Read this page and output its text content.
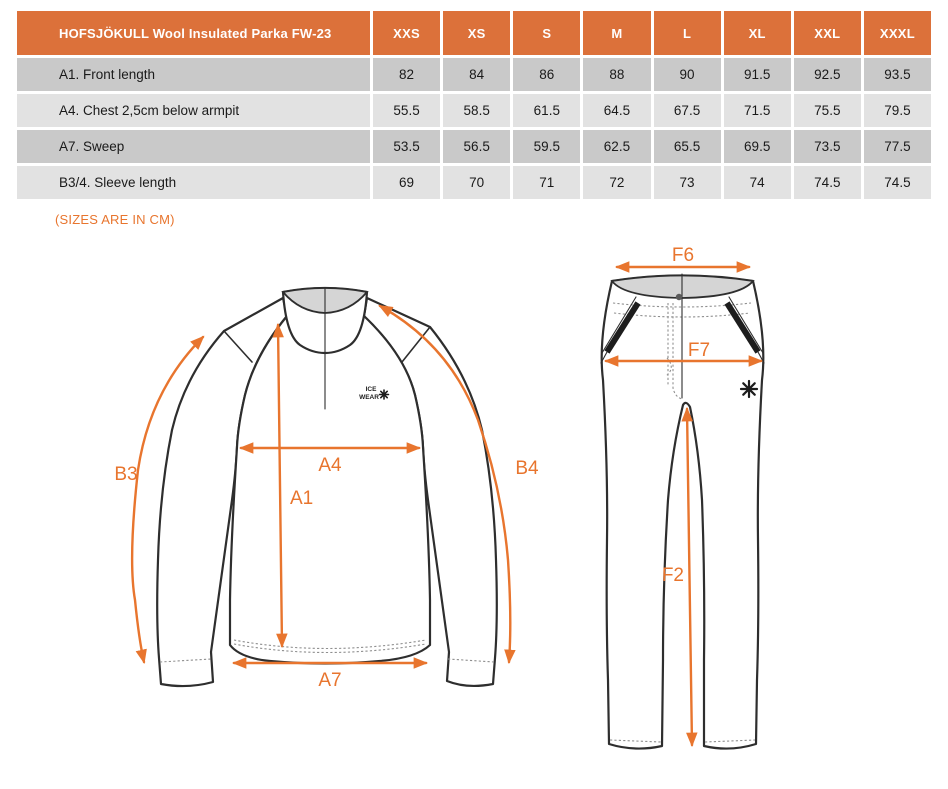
HOFSJÖKULL Wool Insulated Parka FW-23	XXS	XS	S	M	L	XL	XXL	XXXL
A1. Front length	82	84	86	88	90	91.5	92.5	93.5
A4. Chest 2,5cm below armpit	55.5	58.5	61.5	64.5	67.5	71.5	75.5	79.5
A7. Sweep	53.5	56.5	59.5	62.5	65.5	69.5	73.5	77.5
B3/4. Sleeve length	69	70	71	72	73	74	74.5	74.5
(SIZES ARE IN CM)
ICE
WEAR
B3	B4
A4
A1
A7
F6
F7
F2
